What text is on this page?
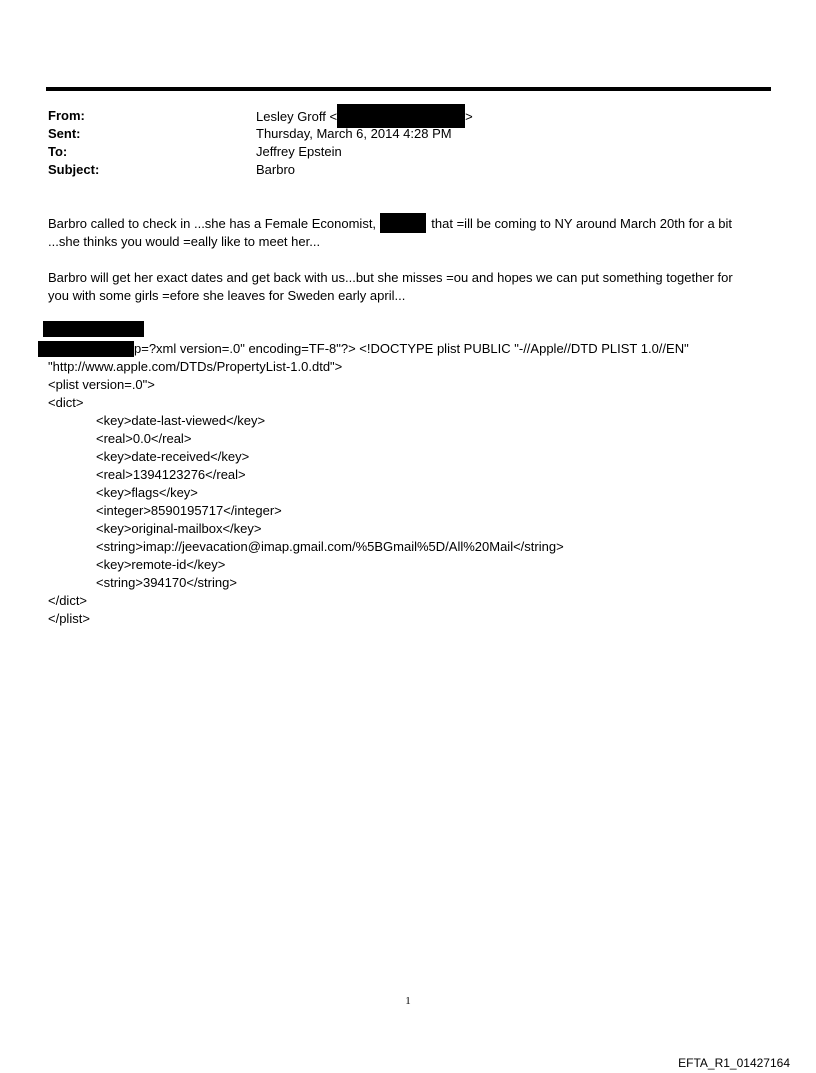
From:	Lesley Groff <	>
Sent:	Thursday, March 6, 2014 4:28 PM
To:	Jeffrey Epstein
Subject:	Barbro
Barbro called to check in ...she has a Female Economist,	that =ill be coming to NY around March 20th for a bit
...she thinks you would =eally like to meet her...
Barbro will get her exact dates and get back with us...but she misses =ou and hopes we can put something together for
you with some girls =efore she leaves for Sweden early april...
p=?xml version=.0" encoding=TF-8"?> <!DOCTYPE plist PUBLIC "-//Apple//DTD PLIST 1.0//EN"
"http://www.apple.com/DTDs/PropertyList-1.0.dtd">
<plist version=.0">
<dict>
<key>date-last-viewed</key>
<real>0.0</real>
<key>date-received</key>
<real>1394123276</real>
<key>flags</key>
<integer>8590195717</integer>
<key>original-mailbox</key>
<string>imap://jeevacation@imap.gmail.com/%5BGmail%5D/All%20Mail</string>
<key>remote-id</key>
<string>394170</string>
</dict>
</plist>
1
EFTA_R1_01427164
